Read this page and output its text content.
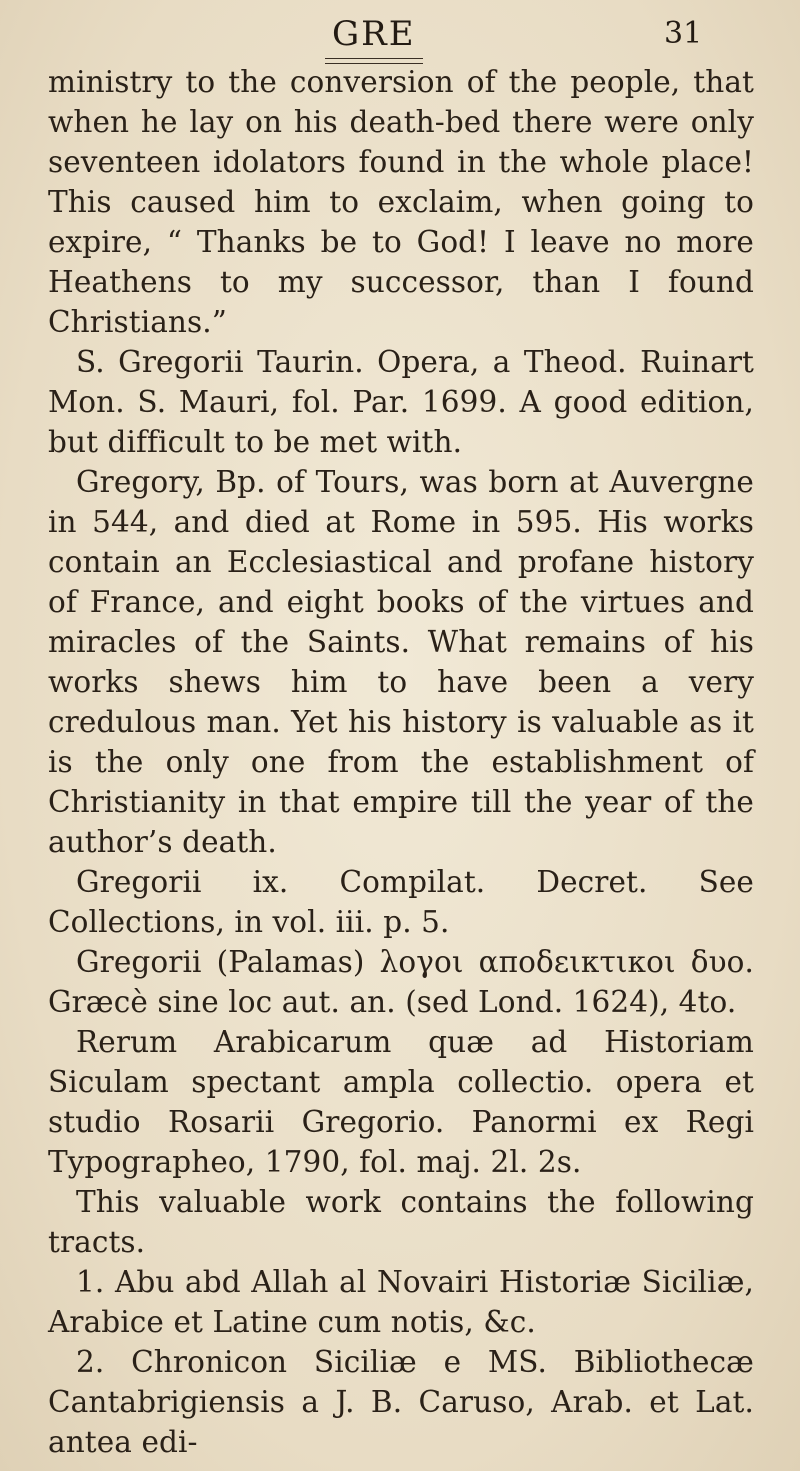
GRE	31

ministry to the conversion of the people, that when he lay on his death-bed there were only seventeen idolators found in the whole place! This caused him to exclaim, when going to expire, “ Thanks be to God! I leave no more Heathens to my successor, than I found Christians.”

S. Gregorii Taurin. Opera, a Theod. Ruinart Mon. S. Mauri, fol. Par. 1699. A good edition, but difficult to be met with.

Gregory, Bp. of Tours, was born at Auvergne in 544, and died at Rome in 595. His works contain an Ecclesiastical and profane history of France, and eight books of the virtues and miracles of the Saints. What remains of his works shews him to have been a very credulous man. Yet his history is valuable as it is the only one from the establishment of Christianity in that empire till the year of the author’s death.

Gregorii ix. Compilat. Decret. See Collections, in vol. iii. p. 5.

Gregorii (Palamas) λογοι αποδεικτικοι δυο. Græcè sine loc aut. an. (sed Lond. 1624), 4to.

Rerum Arabicarum quæ ad Historiam Siculam spectant ampla collectio. opera et studio Rosarii Gregorio. Panormi ex Regi Typographeo, 1790, fol. maj. 2l. 2s.

This valuable work contains the following tracts.

1. Abu abd Allah al Novairi Historiæ Siciliæ, Arabice et Latine cum notis, &c.

2. Chronicon Siciliæ e MS. Bibliothecæ Cantabrigiensis a J. B. Caruso, Arab. et Lat. antea edi-
